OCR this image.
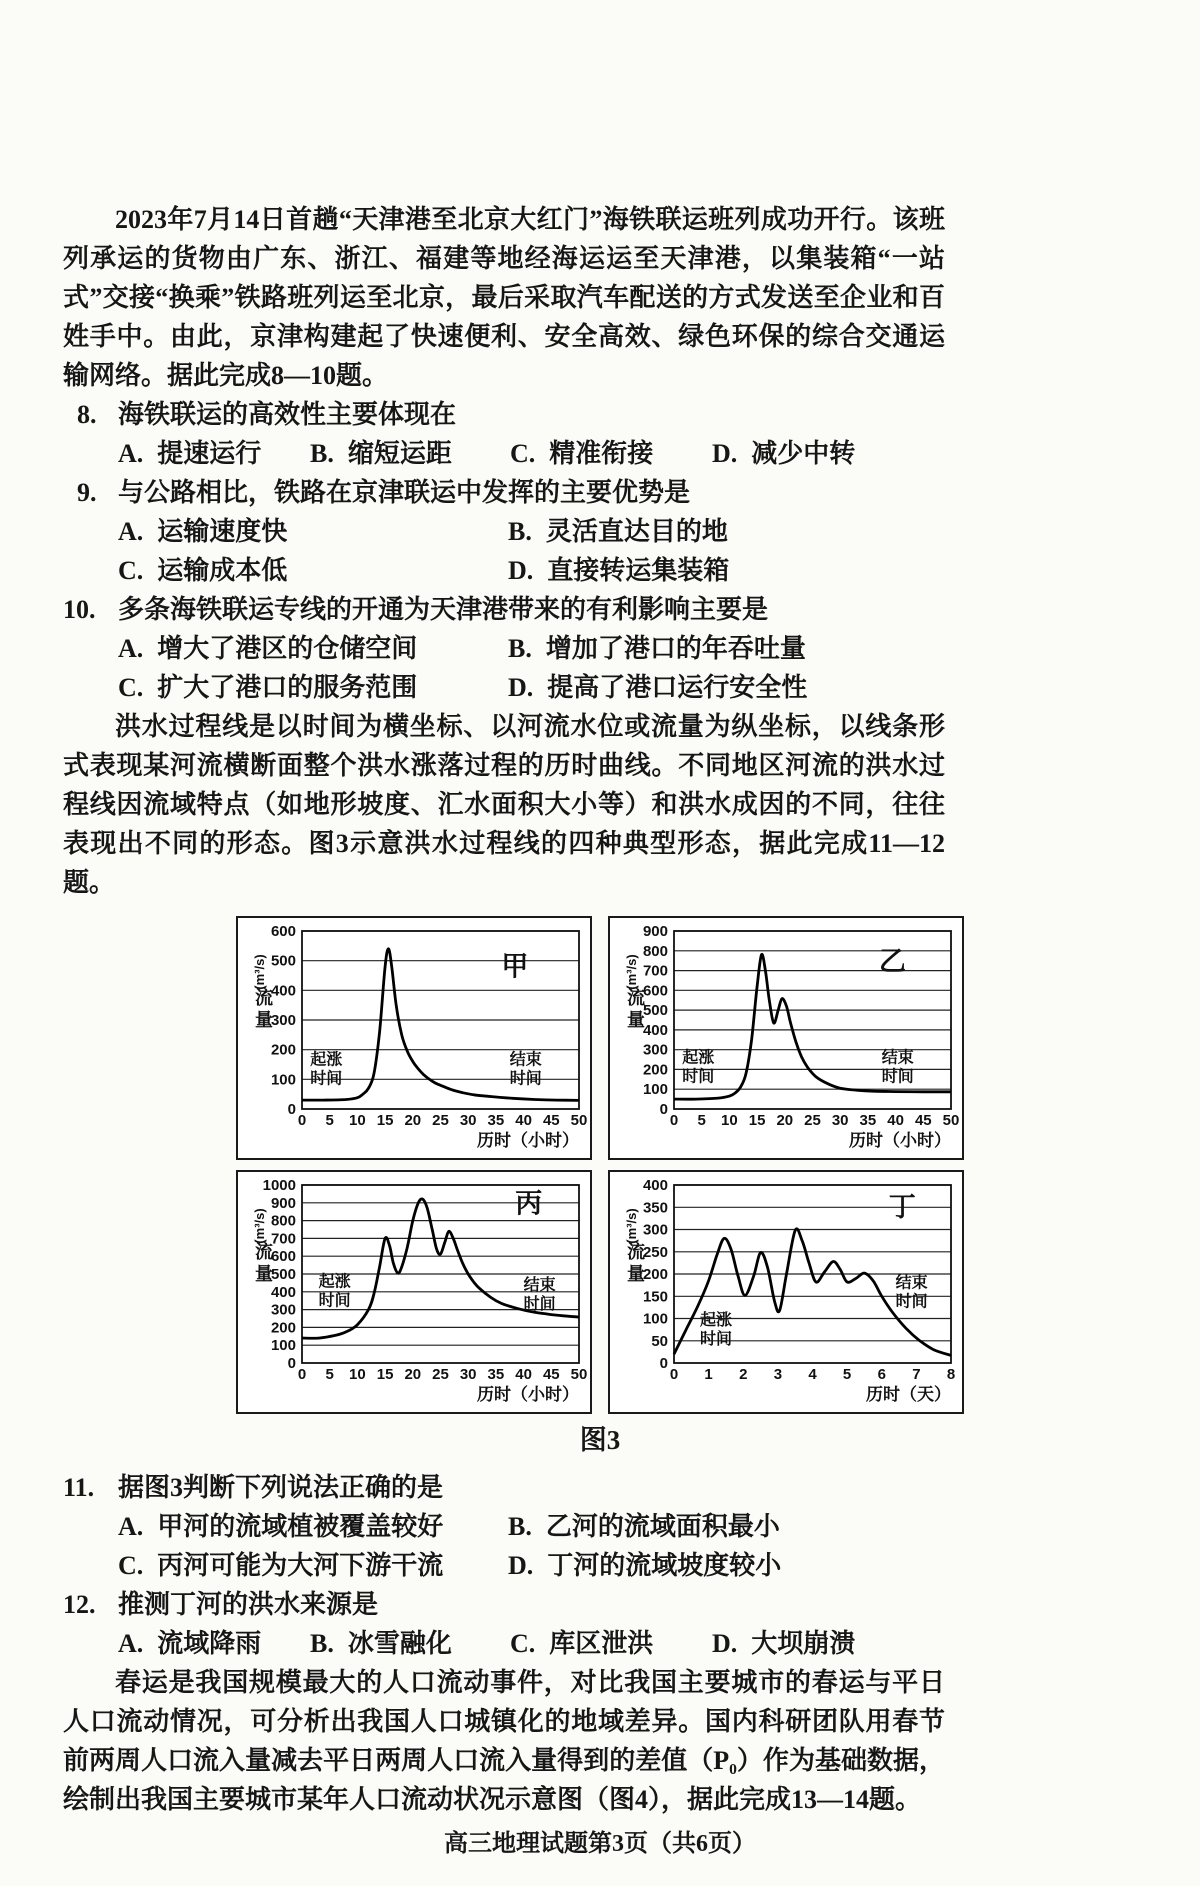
2023年7月14日首趟“天津港至北京大红门”海铁联运班列成功开行。该班列承运的货物由广东、浙江、福建等地经海运运至天津港，以集装箱“一站式”交接“换乘”铁路班列运至北京，最后采取汽车配送的方式发送至企业和百姓手中。由此，京津构建起了快速便利、安全高效、绿色环保的综合交通运输网络。据此完成8—10题。

8. 海铁联运的高效性主要体现在
A. 提速运行	B. 缩短运距	C. 精准衔接	D. 减少中转
9. 与公路相比，铁路在京津联运中发挥的主要优势是
A. 运输速度快	B. 灵活直达目的地
C. 运输成本低	D. 直接转运集装箱
10. 多条海铁联运专线的开通为天津港带来的有利影响主要是
A. 增大了港区的仓储空间	B. 增加了港口的年吞吐量
C. 扩大了港口的服务范围	D. 提高了港口运行安全性

洪水过程线是以时间为横坐标、以河流水位或流量为纵坐标，以线条形式表现某河流横断面整个洪水涨落过程的历时曲线。不同地区河流的洪水过程线因流域特点（如地形坡度、汇水面积大小等）和洪水成因的不同，往往表现出不同的形态。图3示意洪水过程线的四种典型形态，据此完成11—12题。

0
100
200
300
400
500
600
0 5 10 15 20 25 30 35 40 45 50
历时（小时）
(m³/s)
流
量
起涨时间
结束时间
甲
0
100
200
300
400
500
600
700
800
900
0 5 10 15 20 25 30 35 40 45 50
历时（小时）
(m³/s)
流
量
起涨时间
结束时间
乙
0
100
200
300
400
500
600
700
800
900
1000
0 5 10 15 20 25 30 35 40 45 50
历时（小时）
(m³/s)
流
量	起涨时间
结束时间
丙
0
50
100
150
200
250
300
350
400
0 1 2 3 4 5 6 7 8
历时（天）
(m³/s)
流
量
起涨时间
结束时间
丁
图3
11. 据图3判断下列说法正确的是
A. 甲河的流域植被覆盖较好	B. 乙河的流域面积最小
C. 丙河可能为大河下游干流	D. 丁河的流域坡度较小
12. 推测丁河的洪水来源是
A. 流域降雨	B. 冰雪融化	C. 库区泄洪	D. 大坝崩溃

春运是我国规模最大的人口流动事件，对比我国主要城市的春运与平日人口流动情况，可分析出我国人口城镇化的地域差异。国内科研团队用春节前两周人口流入量减去平日两周人口流入量得到的差值（P₀）作为基础数据，绘制出我国主要城市某年人口流动状况示意图（图4），据此完成13—14题。

高三地理试题第3页（共6页）
